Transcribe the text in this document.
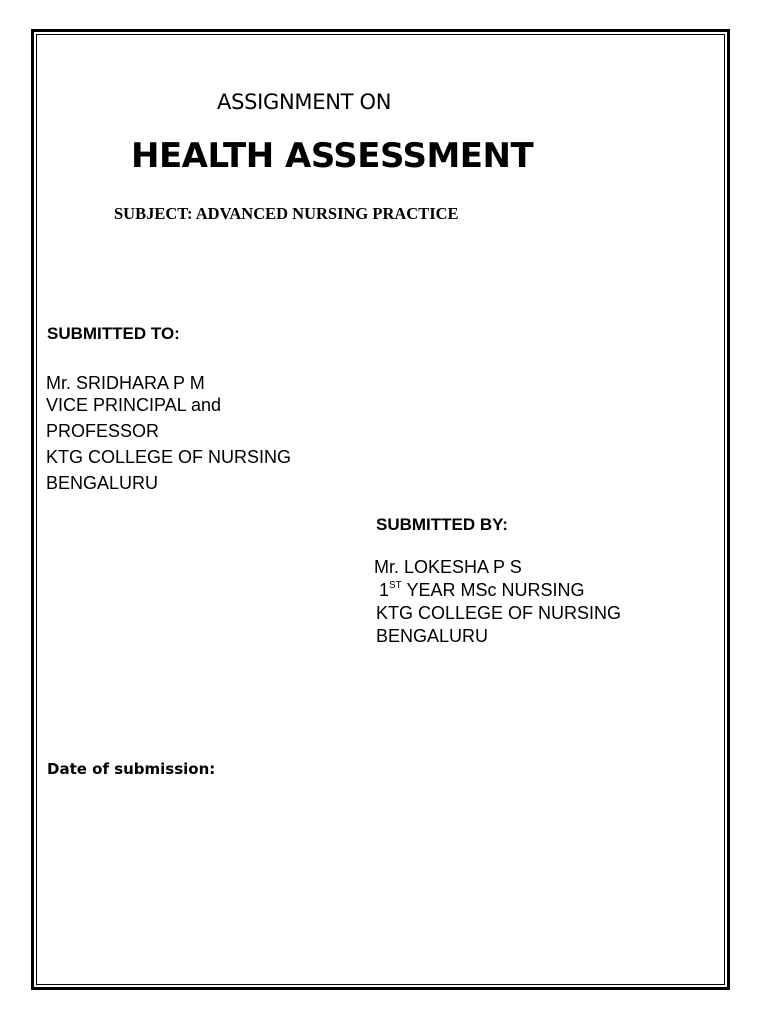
ASSIGNMENT ON

HEALTH ASSESSMENT

SUBJECT: ADVANCED NURSING PRACTICE

SUBMITTED TO:

Mr. SRIDHARA P M
VICE PRINCIPAL and
PROFESSOR
KTG COLLEGE OF NURSING
BENGALURU

SUBMITTED BY:

Mr. LOKESHA P S
1ST YEAR MSc NURSING
KTG COLLEGE OF NURSING
BENGALURU

Date of submission:
